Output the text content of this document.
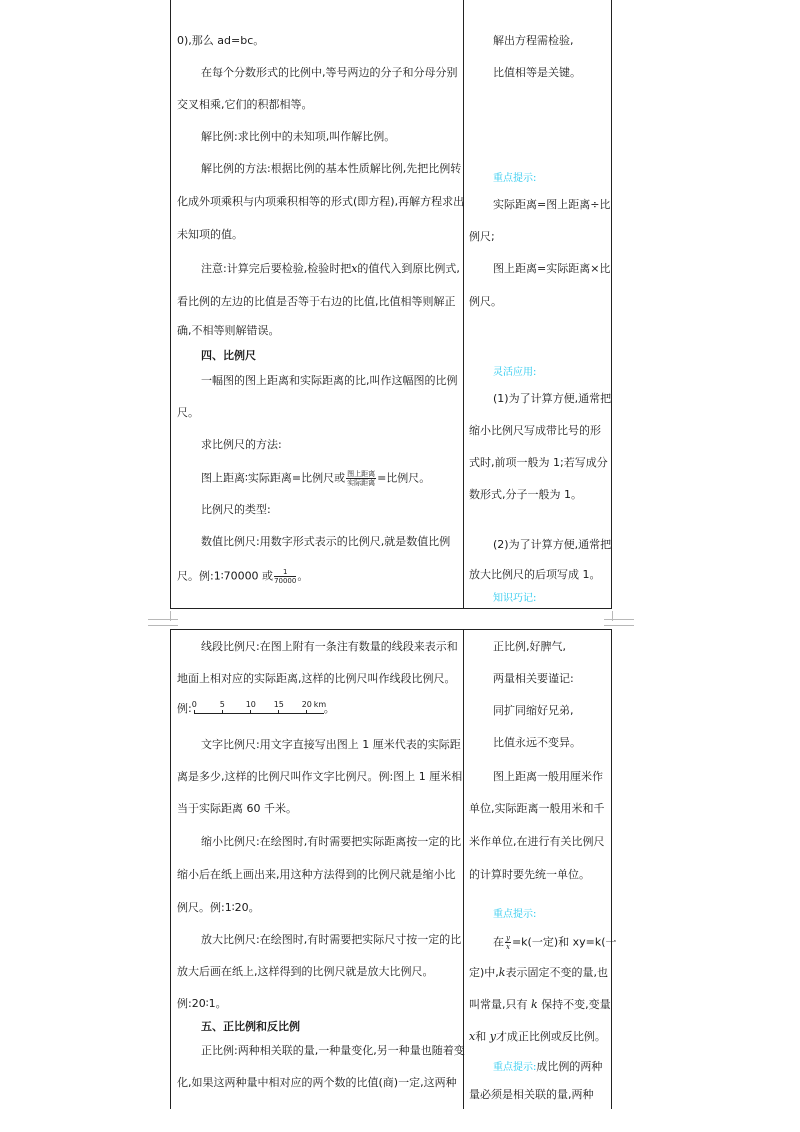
0),那么 ad=bc。
在每个分数形式的比例中,等号两边的分子和分母分别
交叉相乘,它们的积都相等。
解比例:求比例中的未知项,叫作解比例。
解比例的方法:根据比例的基本性质解比例,先把比例转
化成外项乘积与内项乘积相等的形式(即方程),再解方程求出
未知项的值。
注意:计算完后要检验,检验时把x的值代入到原比例式,
看比例的左边的比值是否等于右边的比值,比值相等则解正
确,不相等则解错误。
四、比例尺
一幅图的图上距离和实际距离的比,叫作这幅图的比例
尺。
求比例尺的方法:
图上距离∶实际距离=比例尺或 $\frac{\text{图上距离}}{\text{实际距离}}$ =比例尺。
比例尺的类型:
数值比例尺:用数字形式表示的比例尺,就是数值比例
尺。例:1∶70000 或 $\frac{1}{70000}$ 。
解出方程需检验,
比值相等是关键。
重点提示:
实际距离=图上距离÷比
例尺;
图上距离=实际距离×比
例尺。
灵活应用:
(1)为了计算方便,通常把
缩小比例尺写成带比号的形
式时,前项一般为 1;若写成分
数形式,分子一般为 1。
(2)为了计算方便,通常把
放大比例尺的后项写成 1。
知识巧记:
线段比例尺:在图上附有一条注有数量的线段来表示和
地面上相对应的实际距离,这样的比例尺叫作线段比例尺。
例: 0	5	10 15 20 km
。
文字比例尺:用文字直接写出图上 1 厘米代表的实际距
离是多少,这样的比例尺叫作文字比例尺。例:图上 1 厘米相
当于实际距离 60 千米。
缩小比例尺:在绘图时,有时需要把实际距离按一定的比
缩小后在纸上画出来,用这种方法得到的比例尺就是缩小比
例尺。例:1∶20。
放大比例尺:在绘图时,有时需要把实际尺寸按一定的比
放大后画在纸上,这样得到的比例尺就是放大比例尺。
例:20∶1。
五、正比例和反比例
正比例:两种相关联的量,一种量变化,另一种量也随着变
化,如果这两种量中相对应的两个数的比值(商)一定,这两种
正比例,好脾气,
两量相关要谨记:
同扩同缩好兄弟,
比值永远不变异。
图上距离一般用厘米作
单位,实际距离一般用米和千
米作单位,在进行有关比例尺
的计算时要先统一单位。
重点提示:
在 $\frac{y}{x} =k$(一定)和 xy=k(一
定)中,k表示固定不变的量,也
叫常量,只有 k 保持不变,变量
x和 y才成正比例或反比例。
重点提示:成比例的两种
量必须是相关联的量,两种
